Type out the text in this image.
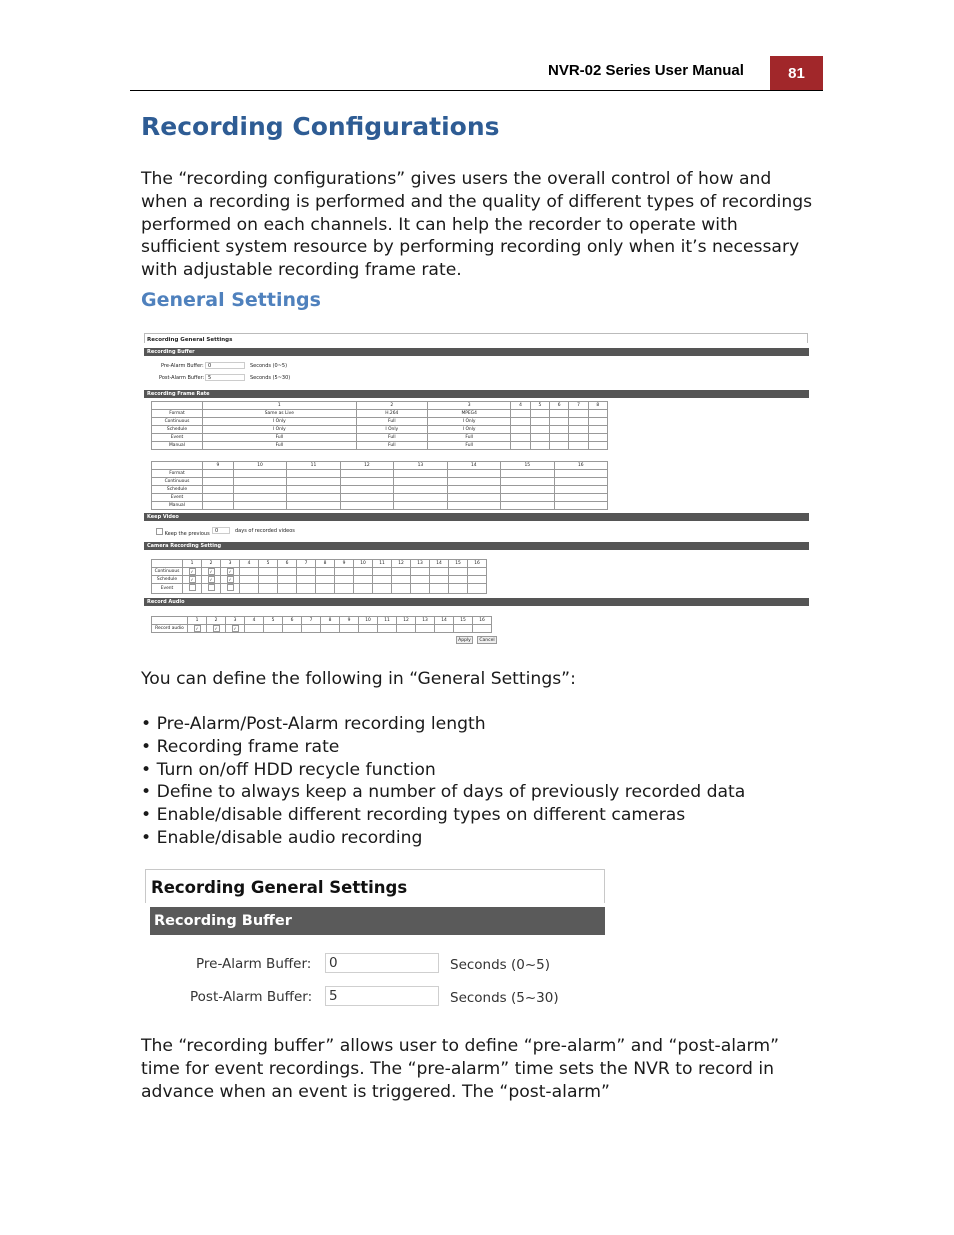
NVR-02 Series User Manual	81
Recording Configurations
The “recording configurations” gives users the overall control of how and when a recording is performed and the quality of different types of recordings performed on each channels. It can help the recorder to operate with sufficient system resource by performing recording only when it’s necessary with adjustable recording frame rate.
General Settings
Recording General Settings
Recording Buffer
Pre-Alarm Buffer: 0	Seconds (0~5)
Post-Alarm Buffer: 5	Seconds (5~30)
Recording Frame Rate
	1	2	3	4	5	6	7	8
Format	Same as Live	H.264	MPEG4					
Continuous	I Only	Full	I Only					
Schedule	I Only	I Only	I Only					
Event	Full	Full	Full					
Manual	Full	Full	Full					
	9	10	11	12	13	14	15	16
Format								
Continuous								
Schedule								
Event								
Manual								
Keep Video
Keep the previous	0	days of recorded videos
Camera Recording Setting
	1	2	3	4	5	6	7	8	9	10	11	12	13	14	15	16
Continuous	✓	✓	✓													
Schedule	✓	✓	✓													
Event																
Record Audio
	1	2	3	4	5	6	7	8	9	10	11	12	13	14	15	16
Record audio	✓	✓	✓													
Apply	Cancel
You can define the following in “General Settings”:
• Pre-Alarm/Post-Alarm recording length
• Recording frame rate
• Turn on/off HDD recycle function
• Define to always keep a number of days of previously recorded data
• Enable/disable different recording types on different cameras
• Enable/disable audio recording
Recording General Settings
Recording Buffer
Pre-Alarm Buffer: 0	Seconds (0~5)
Post-Alarm Buffer: 5	Seconds (5~30)
The “recording buffer” allows user to define “pre-alarm” and “post-alarm” time for event recordings. The “pre-alarm” time sets the NVR to record in advance when an event is triggered. The “post-alarm”
